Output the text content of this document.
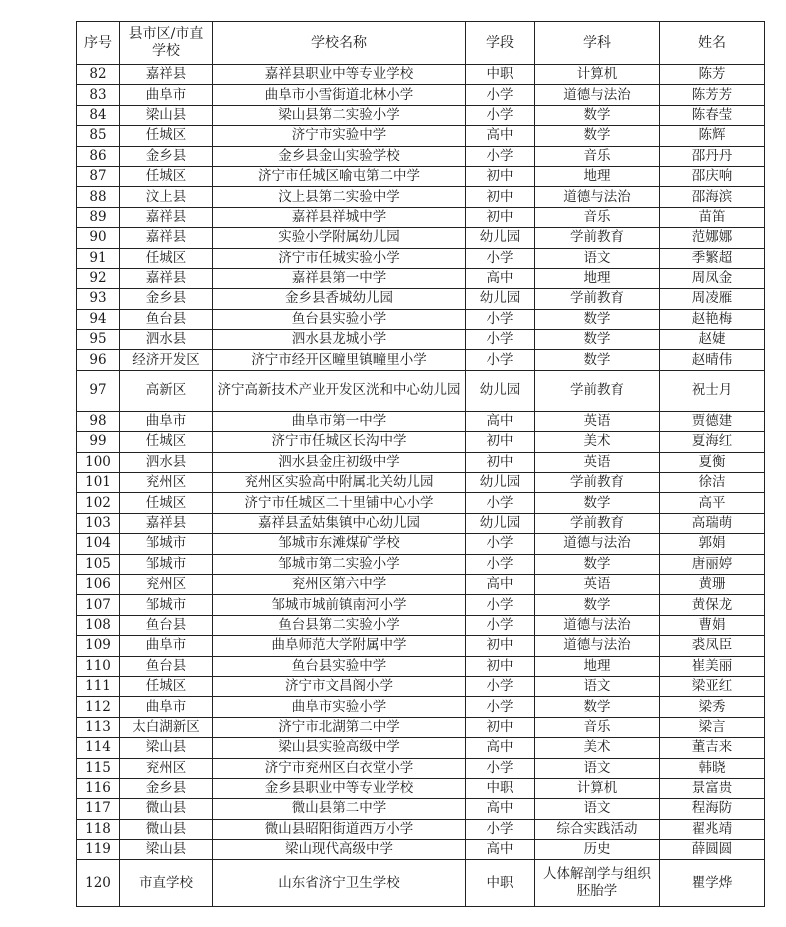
序号	县市区/市直学校	学校名称	学段	学科	姓名
82	嘉祥县	嘉祥县职业中等专业学校	中职	计算机	陈芳
83	曲阜市	曲阜市小雪街道北林小学	小学	道德与法治	陈芳芳
84	梁山县	梁山县第二实验小学	小学	数学	陈春莹
85	任城区	济宁市实验中学	高中	数学	陈辉
86	金乡县	金乡县金山实验学校	小学	音乐	邵丹丹
87	任城区	济宁市任城区喻屯第二中学	初中	地理	邵庆响
88	汶上县	汶上县第二实验中学	初中	道德与法治	邵海滨
89	嘉祥县	嘉祥县祥城中学	初中	音乐	苗笛
90	嘉祥县	实验小学附属幼儿园	幼儿园	学前教育	范娜娜
91	任城区	济宁市任城实验小学	小学	语文	季繁超
92	嘉祥县	嘉祥县第一中学	高中	地理	周凤金
93	金乡县	金乡县香城幼儿园	幼儿园	学前教育	周凌雁
94	鱼台县	鱼台县实验小学	小学	数学	赵艳梅
95	泗水县	泗水县龙城小学	小学	数学	赵婕
96	经济开发区	济宁市经开区疃里镇疃里小学	小学	数学	赵晴伟
97	高新区	济宁高新技术产业开发区洸和中心幼儿园	幼儿园	学前教育	祝士月
98	曲阜市	曲阜市第一中学	高中	英语	贾德建
99	任城区	济宁市任城区长沟中学	初中	美术	夏海红
100	泗水县	泗水县金庄初级中学	初中	英语	夏衡
101	兖州区	兖州区实验高中附属北关幼儿园	幼儿园	学前教育	徐洁
102	任城区	济宁市任城区二十里铺中心小学	小学	数学	高平
103	嘉祥县	嘉祥县孟姑集镇中心幼儿园	幼儿园	学前教育	高瑞萌
104	邹城市	邹城市东滩煤矿学校	小学	道德与法治	郭娟
105	邹城市	邹城市第二实验小学	小学	数学	唐丽婷
106	兖州区	兖州区第六中学	高中	英语	黄珊
107	邹城市	邹城市城前镇南河小学	小学	数学	黄保龙
108	鱼台县	鱼台县第二实验小学	小学	道德与法治	曹娟
109	曲阜市	曲阜师范大学附属中学	初中	道德与法治	裘凤臣
110	鱼台县	鱼台县实验中学	初中	地理	崔美丽
111	任城区	济宁市文昌阁小学	小学	语文	梁亚红
112	曲阜市	曲阜市实验小学	小学	数学	梁秀
113	太白湖新区	济宁市北湖第二中学	初中	音乐	梁言
114	梁山县	梁山县实验高级中学	高中	美术	董吉来
115	兖州区	济宁市兖州区白衣堂小学	小学	语文	韩晓
116	金乡县	金乡县职业中等专业学校	中职	计算机	景富贵
117	微山县	微山县第二中学	高中	语文	程海防
118	微山县	微山县昭阳街道西万小学	小学	综合实践活动	翟兆靖
119	梁山县	梁山现代高级中学	高中	历史	薛圆圆
120	市直学校	山东省济宁卫生学校	中职	人体解剖学与组织胚胎学	瞿学烨
